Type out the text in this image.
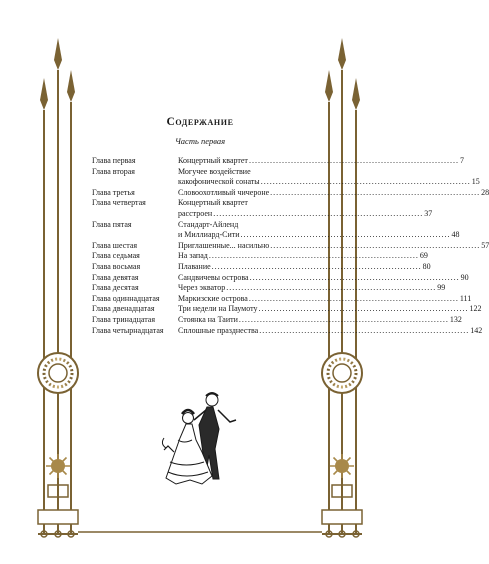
Содержание
Часть первая
Глава первая	Концертный квартет .....	7
Глава вторая	Могучее воздействие
какофонической сонаты .....	15
Глава третья	Словоохотливый чичероне .....	28
Глава четвертая	Концертный квартет
расстроен .....	37
Глава пятая	Стандарт-Айленд
и Миллиард-Сити .....	48
Глава шестая	Приглашенные... насильно .....	57
Глава седьмая	На запад .....	69
Глава восьмая	Плавание .....	80
Глава девятая	Сандвичевы острова .....	90
Глава десятая	Через экватор .....	99
Глава одиннадцатая	Маркизские острова .....	111
Глава двенадцатая	Три недели на Паумоту .....	122
Глава тринадцатая	Стоянка на Таити .....	132
Глава четырнадцатая	Сплошные празднества .....	142
